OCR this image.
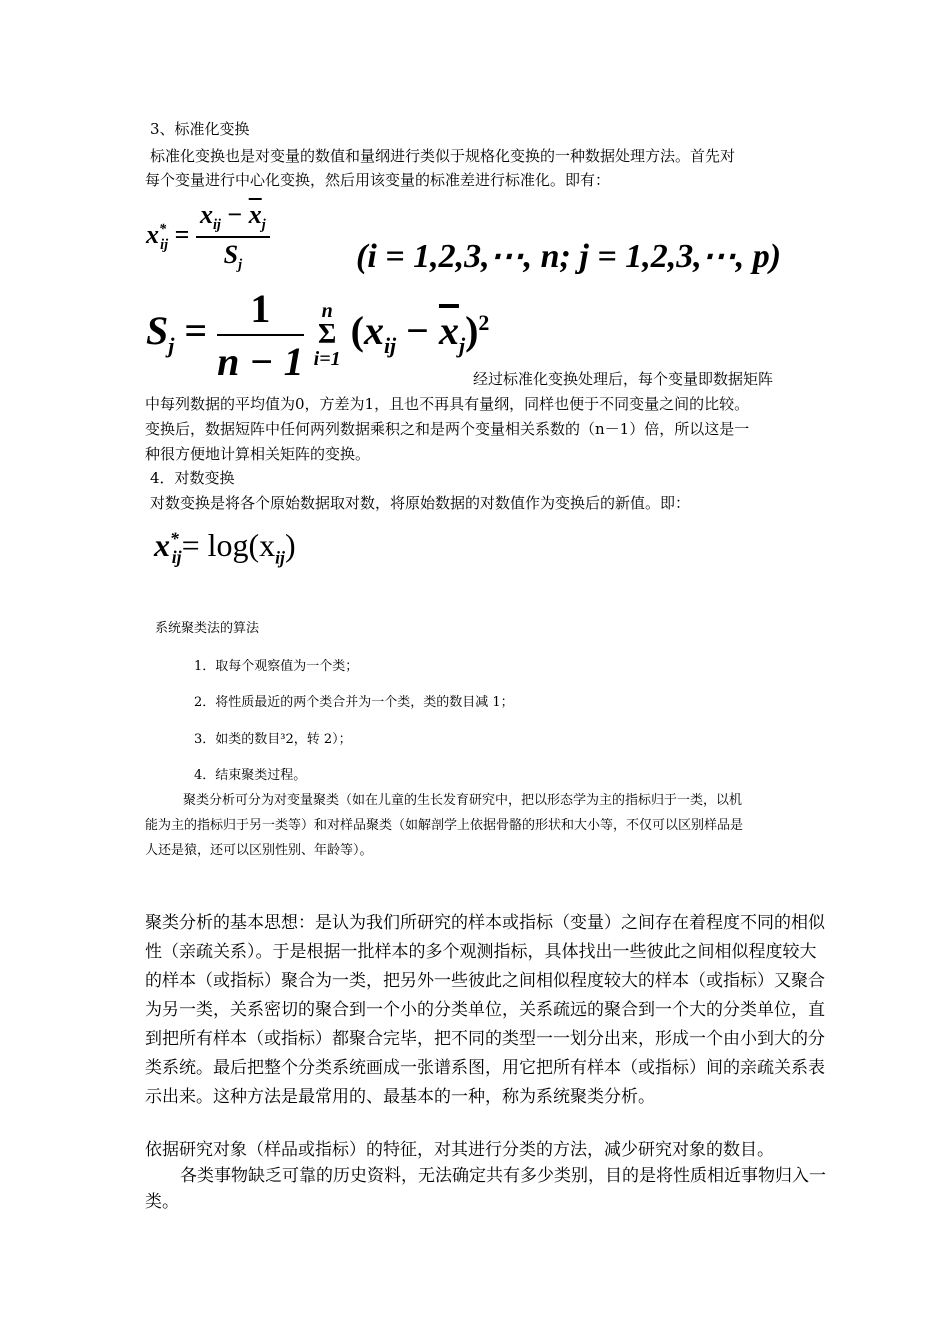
3、标准化变换
标准化变换也是对变量的数值和量纲进行类似于规格化变换的一种数据处理方法。首先对
每个变量进行中心化变换，然后用该变量的标准差进行标准化。即有：
$x^*_{ij} = \frac{x_{ij} - \overline{x}_j}{S_j}$	(i = 1,2,3,⋯, n; j = 1,2,3,⋯, p)
$S_j = \frac{1}{n - 1}$
n
Σ
i=1
$(x_{ij} - \overline{x}_j)^2$
经过标准化变换处理后，每个变量即数据矩阵
中每列数据的平均值为0，方差为1，且也不再具有量纲，同样也便于不同变量之间的比较。
变换后，数据短阵中任何两列数据乘积之和是两个变量相关系数的（n－1）倍，所以这是一
种很方便地计算相关矩阵的变换。
4．对数变换
对数变换是将各个原始数据取对数，将原始数据的对数值作为变换后的新值。即：
$x^*_{ij}= \log(x_{ij})$
系统聚类法的算法
1．取每个观察值为一个类；
2．将性质最近的两个类合并为一个类，类的数目减 1；
3．如类的数目³2，转 2）；
4．结束聚类过程。
聚类分析可分为对变量聚类（如在儿童的生长发育研究中，把以形态学为主的指标归于一类，以机
能为主的指标归于另一类等）和对样品聚类（如解剖学上依据骨骼的形状和大小等，不仅可以区别样品是
人还是猿，还可以区别性别、年龄等）。
聚类分析的基本思想：是认为我们所研究的样本或指标（变量）之间存在着程度不同的相似
性（亲疏关系）。于是根据一批样本的多个观测指标，具体找出一些彼此之间相似程度较大
的样本（或指标）聚合为一类，把另外一些彼此之间相似程度较大的样本（或指标）又聚合
为另一类，关系密切的聚合到一个小的分类单位，关系疏远的聚合到一个大的分类单位，直
到把所有样本（或指标）都聚合完毕，把不同的类型一一划分出来，形成一个由小到大的分
类系统。最后把整个分类系统画成一张谱系图，用它把所有样本（或指标）间的亲疏关系表
示出来。这种方法是最常用的、最基本的一种，称为系统聚类分析。
依据研究对象（样品或指标）的特征，对其进行分类的方法，减少研究对象的数目。
各类事物缺乏可靠的历史资料，无法确定共有多少类别，目的是将性质相近事物归入一
类。
